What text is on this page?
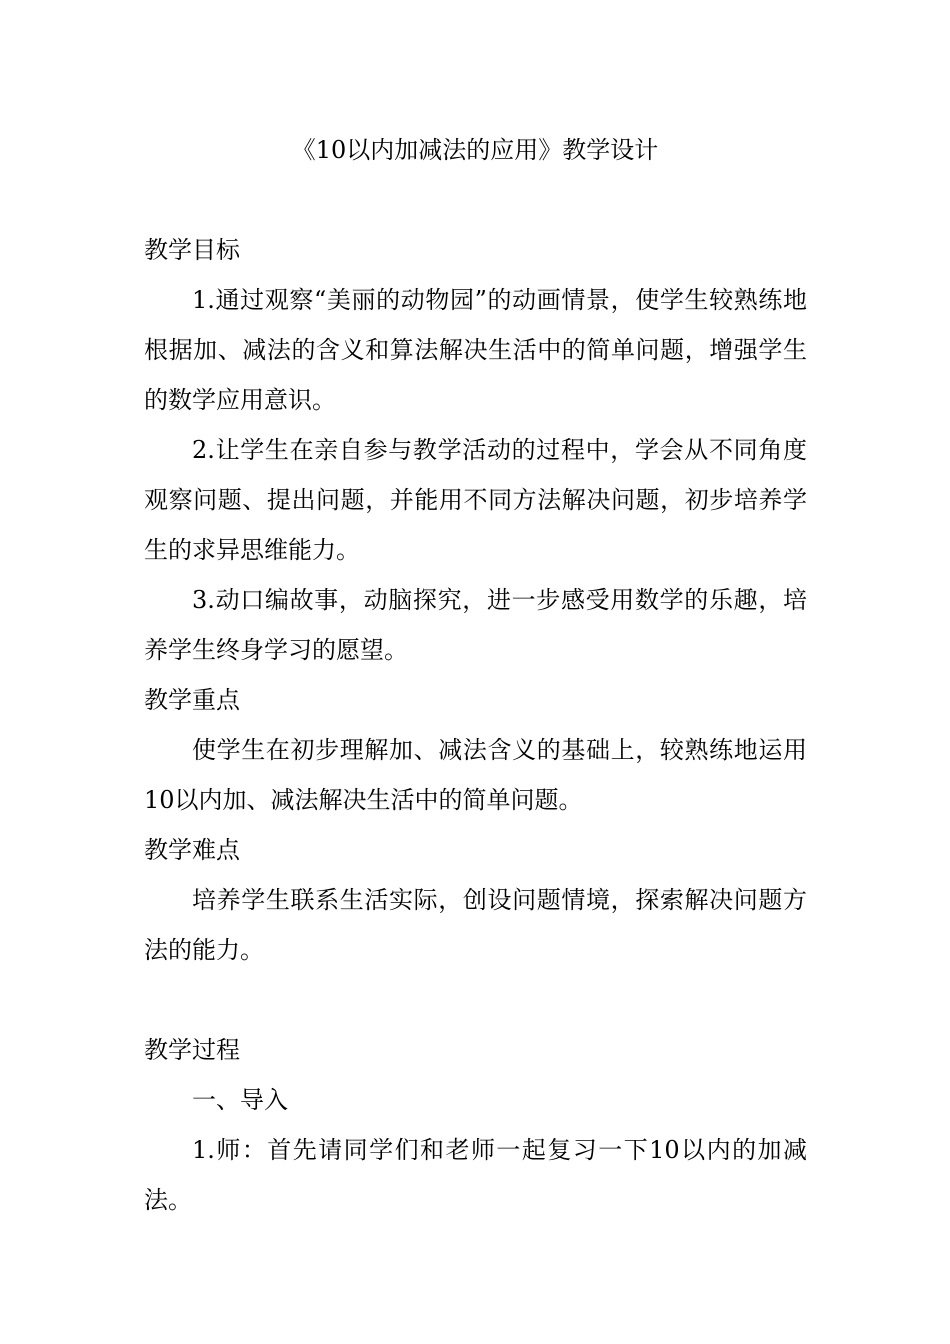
《10以内加减法的应用》教学设计

教学目标

1.通过观察“美丽的动物园”的动画情景，使学生较熟练地根据加、减法的含义和算法解决生活中的简单问题，增强学生的数学应用意识。

2.让学生在亲自参与教学活动的过程中，学会从不同角度观察问题、提出问题，并能用不同方法解决问题，初步培养学生的求异思维能力。

3.动口编故事，动脑探究，进一步感受用数学的乐趣，培养学生终身学习的愿望。

教学重点

使学生在初步理解加、减法含义的基础上，较熟练地运用10以内加、减法解决生活中的简单问题。

教学难点

培养学生联系生活实际，创设问题情境，探索解决问题方法的能力。

教学过程

一、导入

1.师：首先请同学们和老师一起复习一下10以内的加减法。
